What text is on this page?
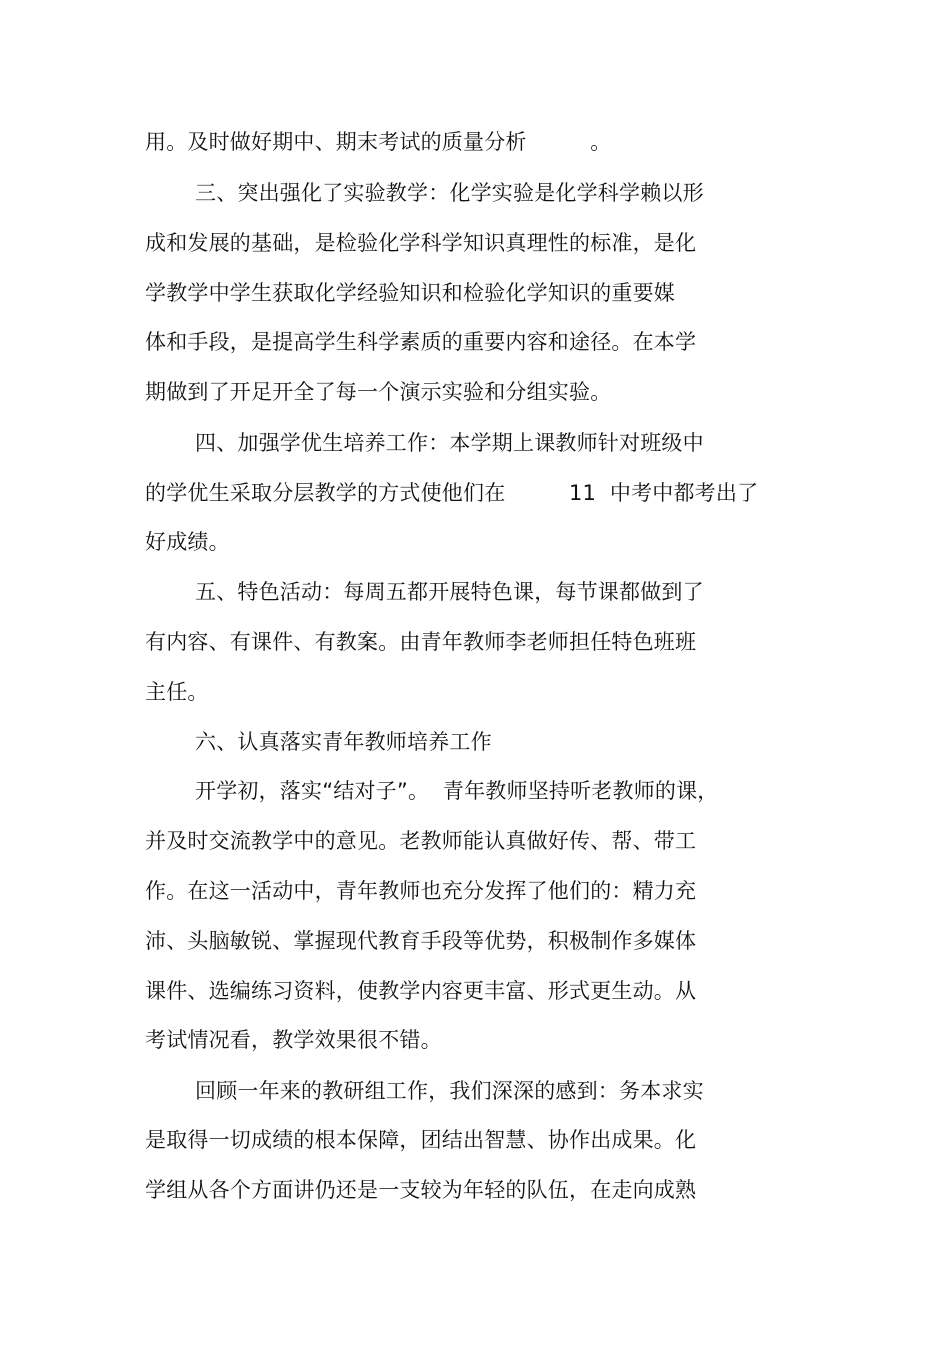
用。及时做好期中、期末考试的质量分析　　　。
三、突出强化了实验教学：化学实验是化学科学赖以形
成和发展的基础，是检验化学科学知识真理性的标准，是化
学教学中学生获取化学经验知识和检验化学知识的重要媒
体和手段，是提高学生科学素质的重要内容和途径。在本学
期做到了开足开全了每一个演示实验和分组实验。
四、加强学优生培养工作：本学期上课教师针对班级中
的学优生采取分层教学的方式使他们在　　　11  中考中都考出了
好成绩。
五、特色活动：每周五都开展特色课，每节课都做到了
有内容、有课件、有教案。由青年教师李老师担任特色班班
主任。
六、认真落实青年教师培养工作
开学初，落实“结对子”。  青年教师坚持听老教师的课，
并及时交流教学中的意见。老教师能认真做好传、帮、带工
作。在这一活动中，青年教师也充分发挥了他们的：精力充
沛、头脑敏锐、掌握现代教育手段等优势，积极制作多媒体
课件、选编练习资料，使教学内容更丰富、形式更生动。从
考试情况看，教学效果很不错。
回顾一年来的教研组工作，我们深深的感到：务本求实
是取得一切成绩的根本保障，团结出智慧、协作出成果。化
学组从各个方面讲仍还是一支较为年轻的队伍，在走向成熟
